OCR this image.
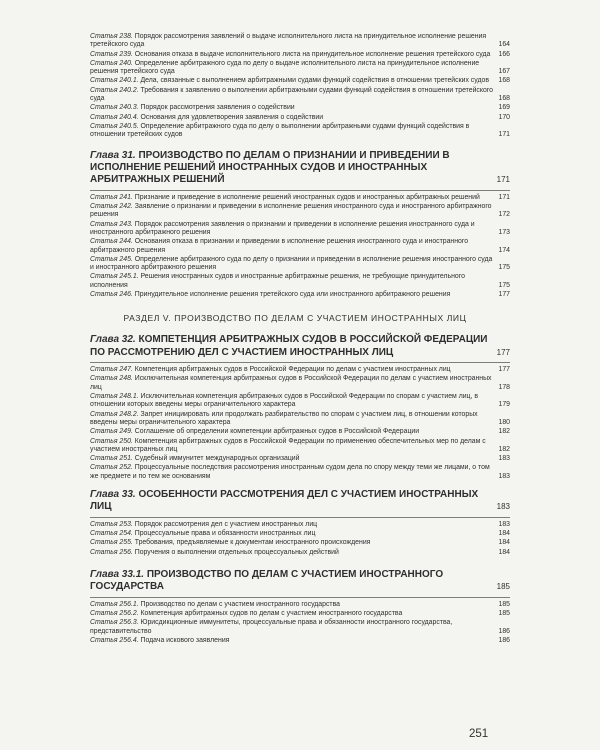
Статья 238. Порядок рассмотрения заявлений о выдаче исполнительного листа на принудительное исполнение решения третейского суда	164
Статья 239. Основания отказа в выдаче исполнительного листа на принудительное исполнение решения третейского суда	166
Статья 240. Определение арбитражного суда по делу о выдаче исполнительного листа на принудительное исполнение решения третейского суда	167
Статья 240.1. Дела, связанные с выполнением арбитражными судами функций содействия в отношении третейских судов	168
Статья 240.2. Требования к заявлению о выполнении арбитражными судами функций содействия в отношении третейского суда	168
Статья 240.3. Порядок рассмотрения заявления о содействии	169
Статья 240.4. Основания для удовлетворения заявления о содействии	170
Статья 240.5. Определение арбитражного суда по делу о выполнении арбитражными судами функций содействия в отношении третейских судов	171
Глава 31. ПРОИЗВОДСТВО ПО ДЕЛАМ О ПРИЗНАНИИ И ПРИВЕДЕНИИ В ИСПОЛНЕНИЕ РЕШЕНИЙ ИНОСТРАННЫХ СУДОВ И ИНОСТРАННЫХ АРБИТРАЖНЫХ РЕШЕНИЙ	171
Статья 241. Признание и приведение в исполнение решений иностранных судов и иностранных арбитражных решений	171
Статья 242. Заявление о признании и приведении в исполнение решения иностранного суда и иностранного арбитражного решения	172
Статья 243. Порядок рассмотрения заявления о признании и приведении в исполнение решения иностранного суда и иностранного арбитражного решения	173
Статья 244. Основания отказа в признании и приведении в исполнение решения иностранного суда и иностранного арбитражного решения	174
Статья 245. Определение арбитражного суда по делу о признании и приведении в исполнение решения иностранного суда и иностранного арбитражного решения	175
Статья 245.1. Решения иностранных судов и иностранные арбитражные решения, не требующие принудительного исполнения	175
Статья 246. Принудительное исполнение решения третейского суда или иностранного арбитражного решения	177
РАЗДЕЛ V. ПРОИЗВОДСТВО ПО ДЕЛАМ С УЧАСТИЕМ ИНОСТРАННЫХ ЛИЦ
Глава 32. КОМПЕТЕНЦИЯ АРБИТРАЖНЫХ СУДОВ В РОССИЙСКОЙ ФЕДЕРАЦИИ ПО РАССМОТРЕНИЮ ДЕЛ С УЧАСТИЕМ ИНОСТРАННЫХ ЛИЦ	177
Статья 247. Компетенция арбитражных судов в Российской Федерации по делам с участием иностранных лиц	177
Статья 248. Исключительная компетенция арбитражных судов в Российской Федерации по делам с участием иностранных лиц	178
Статья 248.1. Исключительная компетенция арбитражных судов в Российской Федерации по спорам с участием лиц, в отношении которых введены меры ограничительного характера	179
Статья 248.2. Запрет инициировать или продолжать разбирательство по спорам с участием лиц, в отношении которых введены меры ограничительного характера	180
Статья 249. Соглашение об определении компетенции арбитражных судов в Российской Федерации	182
Статья 250. Компетенция арбитражных судов в Российской Федерации по применению обеспечительных мер по делам с участием иностранных лиц	182
Статья 251. Судебный иммунитет международных организаций	183
Статья 252. Процессуальные последствия рассмотрения иностранным судом дела по спору между теми же лицами, о том же предмете и по тем же основаниям	183
Глава 33. ОСОБЕННОСТИ РАССМОТРЕНИЯ ДЕЛ С УЧАСТИЕМ ИНОСТРАННЫХ ЛИЦ	183
Статья 253. Порядок рассмотрения дел с участием иностранных лиц	183
Статья 254. Процессуальные права и обязанности иностранных лиц	184
Статья 255. Требования, предъявляемые к документам иностранного происхождения	184
Статья 256. Поручения о выполнении отдельных процессуальных действий	184
Глава 33.1. ПРОИЗВОДСТВО ПО ДЕЛАМ С УЧАСТИЕМ ИНОСТРАННОГО ГОСУДАРСТВА	185
Статья 256.1. Производство по делам с участием иностранного государства	185
Статья 256.2. Компетенция арбитражных судов по делам с участием иностранного государства	185
Статья 256.3. Юрисдикционные иммунитеты, процессуальные права и обязанности иностранного государства, представительство	186
Статья 256.4. Подача искового заявления	186
251
